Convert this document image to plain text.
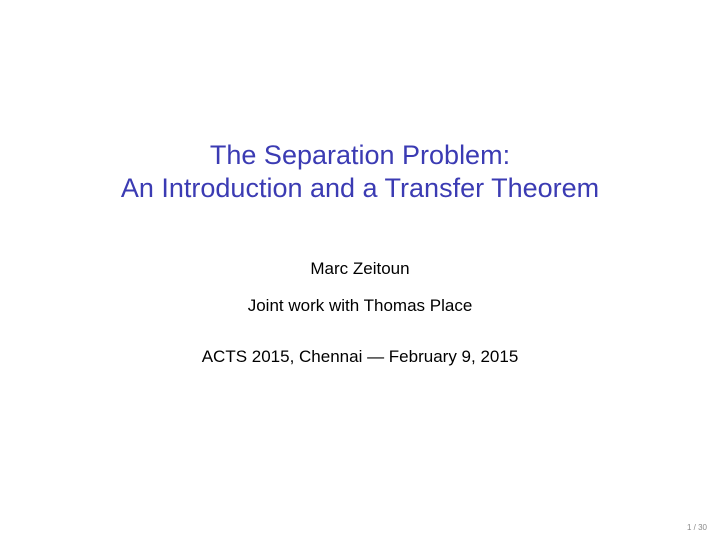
The Separation Problem:
An Introduction and a Transfer Theorem
Marc Zeitoun
Joint work with Thomas Place
ACTS 2015, Chennai — February 9, 2015
1 / 30
